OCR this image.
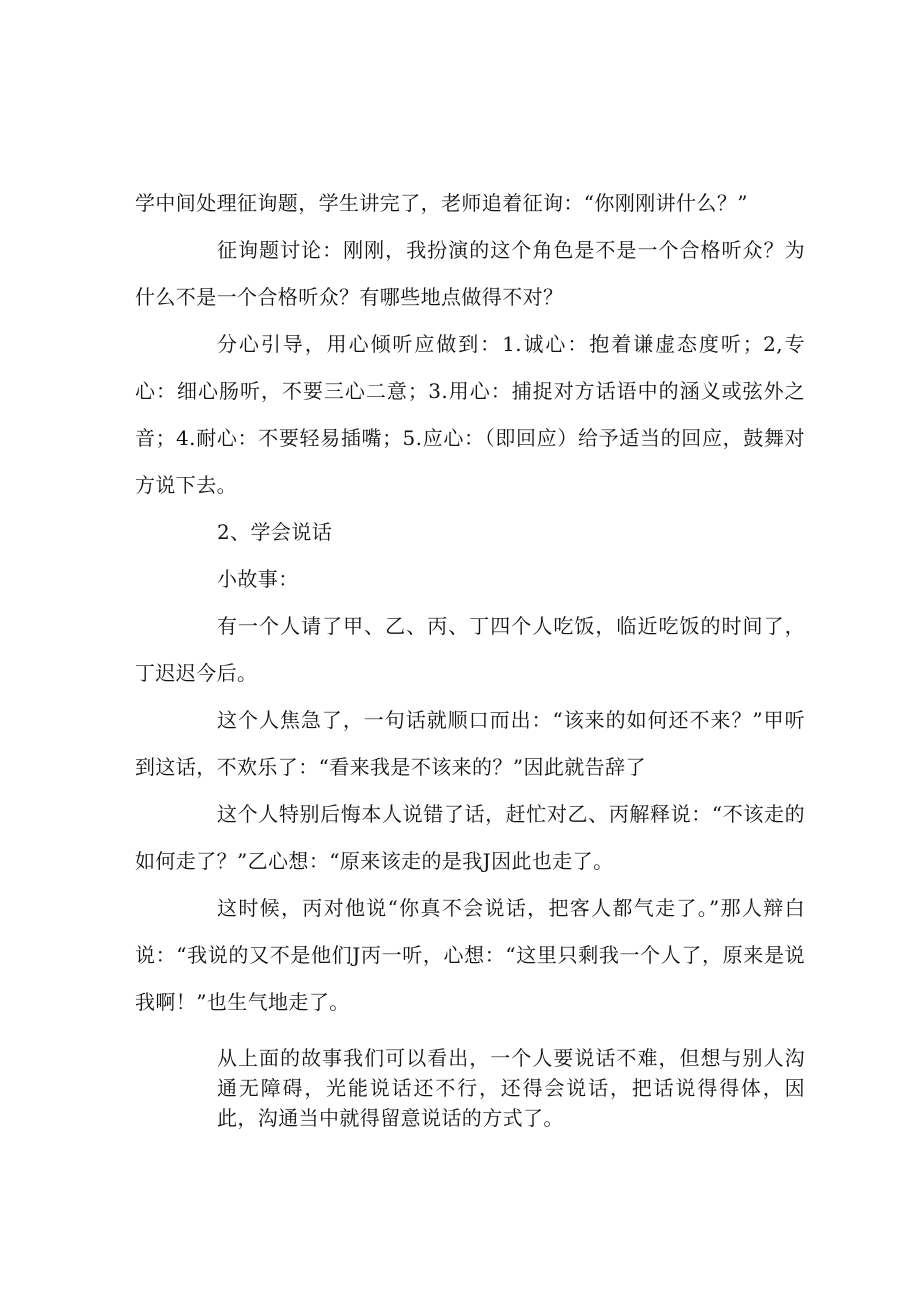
学中间处理征询题，学生讲完了，老师追着征询：“你刚刚讲什么？”

征询题讨论：刚刚，我扮演的这个角色是不是一个合格听众？为什么不是一个合格听众？有哪些地点做得不对？

分心引导，用心倾听应做到：1.诚心：抱着谦虚态度听；2,专心：细心肠听，不要三心二意；3.用心：捕捉对方话语中的涵义或弦外之音；4.耐心：不要轻易插嘴；5.应心：（即回应）给予适当的回应，鼓舞对方说下去。

2、学会说话

小故事：

有一个人请了甲、乙、丙、丁四个人吃饭，临近吃饭的时间了，丁迟迟今后。

这个人焦急了，一句话就顺口而出：“该来的如何还不来？”甲听到这话，不欢乐了：“看来我是不该来的？”因此就告辞了

这个人特别后悔本人说错了话，赶忙对乙、丙解释说：“不该走的如何走了？”乙心想：“原来该走的是我J因此也走了。

这时候，丙对他说“你真不会说话，把客人都气走了。”那人辩白说：“我说的又不是他们J丙一听，心想：“这里只剩我一个人了，原来是说我啊！”也生气地走了。

从上面的故事我们可以看出，一个人要说话不难，但想与别人沟通无障碍，光能说话还不行，还得会说话，把话说得得体，因此，沟通当中就得留意说话的方式了。
